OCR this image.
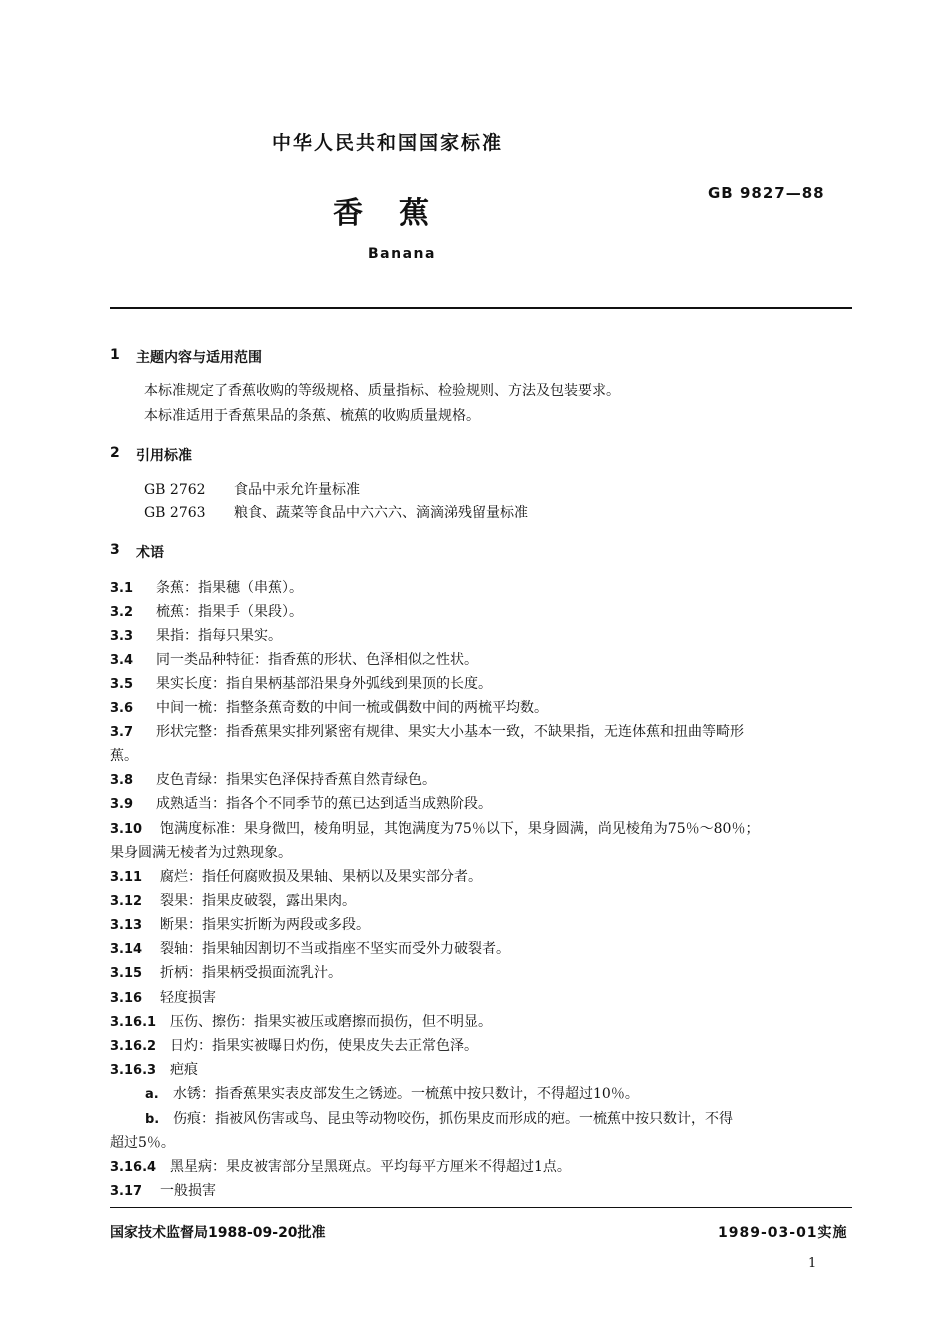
中华人民共和国国家标准
GB 9827—88
香蕉
Banana
1 主题内容与适用范围
本标准规定了香蕉收购的等级规格、质量指标、检验规则、方法及包装要求。
本标准适用于香蕉果品的条蕉、梳蕉的收购质量规格。
2 引用标准
GB 2762 食品中汞允许量标准
GB 2763 粮食、蔬菜等食品中六六六、滴滴涕残留量标准
3 术语
3.1 条蕉：指果穗（串蕉）。
3.2 梳蕉：指果手（果段）。
3.3 果指：指每只果实。
3.4 同一类品种特征：指香蕉的形状、色泽相似之性状。
3.5 果实长度：指自果柄基部沿果身外弧线到果顶的长度。
3.6 中间一梳：指整条蕉奇数的中间一梳或偶数中间的两梳平均数。
3.7 形状完整：指香蕉果实排列紧密有规律、果实大小基本一致，不缺果指，无连体蕉和扭曲等畸形
蕉。
3.8 皮色青绿：指果实色泽保持香蕉自然青绿色。
3.9 成熟适当：指各个不同季节的蕉已达到适当成熟阶段。
3.10 饱满度标准：果身微凹，棱角明显，其饱满度为75％以下，果身圆满，尚见棱角为75％～80％；
果身圆满无棱者为过熟现象。
3.11 腐烂：指任何腐败损及果轴、果柄以及果实部分者。
3.12 裂果：指果皮破裂，露出果肉。
3.13 断果：指果实折断为两段或多段。
3.14 裂轴：指果轴因割切不当或指座不坚实而受外力破裂者。
3.15 折柄：指果柄受损面流乳汁。
3.16 轻度损害
3.16.1 压伤、擦伤：指果实被压或磨擦而损伤，但不明显。
3.16.2 日灼：指果实被曝日灼伤，使果皮失去正常色泽。
3.16.3 疤痕
a. 水锈：指香蕉果实表皮部发生之锈迹。一梳蕉中按只数计，不得超过10％。
b. 伤痕：指被风伤害或鸟、昆虫等动物咬伤，抓伤果皮而形成的疤。一梳蕉中按只数计，不得
超过5％。
3.16.4 黑星病：果皮被害部分呈黑斑点。平均每平方厘米不得超过1点。
3.17 一般损害
国家技术监督局1988-09-20批准	1989-03-01实施
1
